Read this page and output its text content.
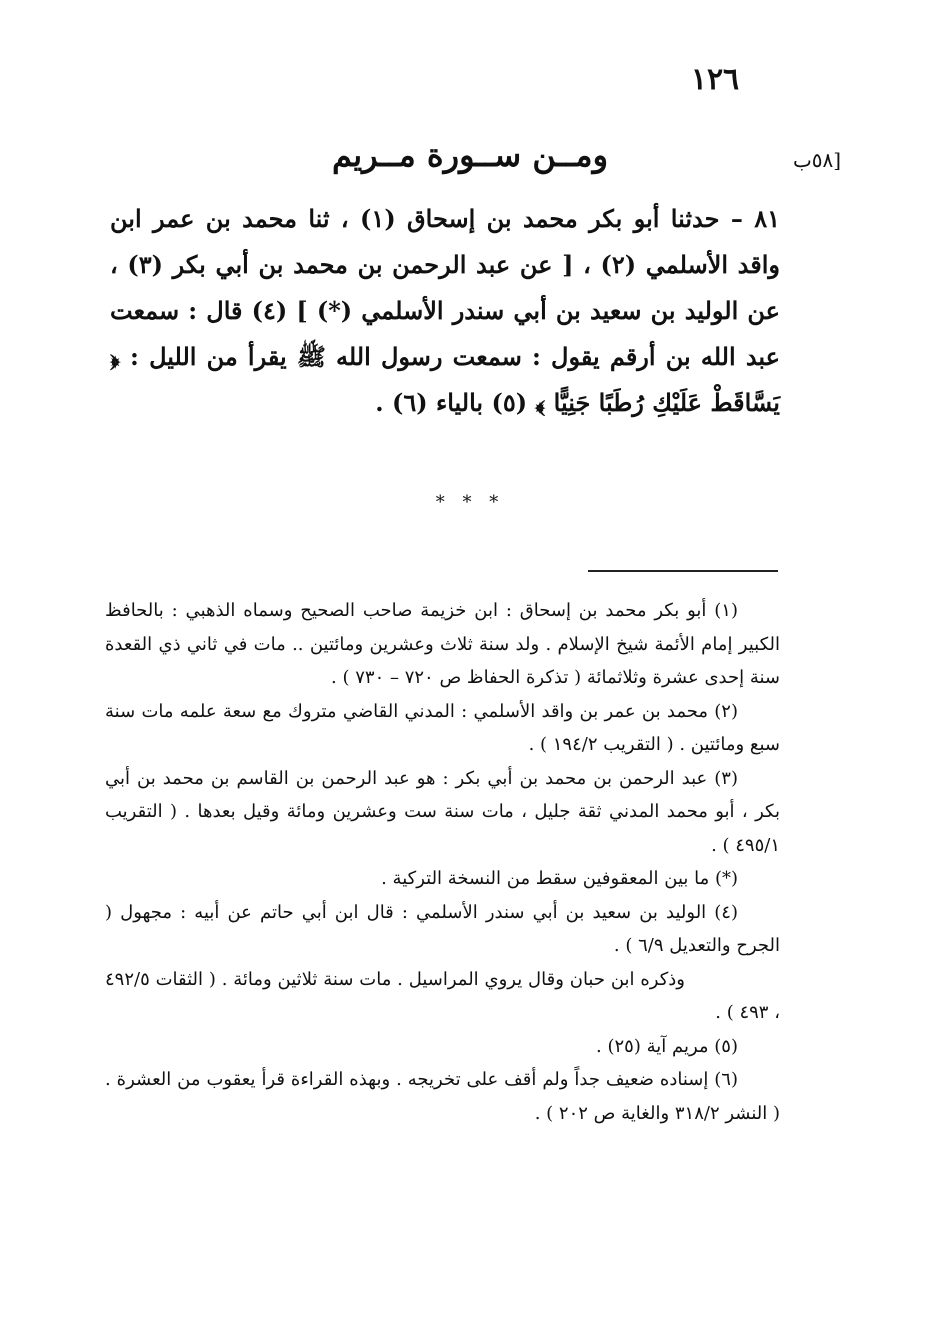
١٢٦
[٥٨ب
ومــن ســورة مــريم

٨١ – حدثنا أبو بكر محمد بن إسحاق (١) ، ثنا محمد بن عمر ابن واقد الأسلمي (٢) ، [ عن عبد الرحمن بن محمد بن أبي بكر (٣) ، عن الوليد بن سعيد بن أبي سندر الأسلمي (*) ] (٤) قال : سمعت عبد الله بن أرقم يقول : سمعت رسول الله ﷺ يقرأ من الليل : ﴿ يَسَّاقَطْ عَلَيْكِ رُطَبًا جَنِيًّا ﴾ (٥) بالياء (٦) .

* * *

(١) أبو بكر محمد بن إسحاق : ابن خزيمة صاحب الصحيح وسماه الذهبي : بالحافظ الكبير إمام الأئمة شيخ الإسلام . ولد سنة ثلاث وعشرين ومائتين .. مات في ثاني ذي القعدة سنة إحدى عشرة وثلاثمائة ( تذكرة الحفاظ ص ٧٢٠ – ٧٣٠ ) .

(٢) محمد بن عمر بن واقد الأسلمي : المدني القاضي متروك مع سعة علمه مات سنة سبع ومائتين . ( التقريب ١٩٤/٢ ) .

(٣) عبد الرحمن بن محمد بن أبي بكر : هو عبد الرحمن بن القاسم بن محمد بن أبي بكر ، أبو محمد المدني ثقة جليل ، مات سنة ست وعشرين ومائة وقيل بعدها . ( التقريب ٤٩٥/١ ) .

(*) ما بين المعقوفين سقط من النسخة التركية .

(٤) الوليد بن سعيد بن أبي سندر الأسلمي : قال ابن أبي حاتم عن أبيه : مجهول ( الجرح والتعديل ٦/٩ ) .

وذكره ابن حبان وقال يروي المراسيل . مات سنة ثلاثين ومائة . ( الثقات ٤٩٢/٥ ، ٤٩٣ ) .

(٥) مريم آية (٢٥) .

(٦) إسناده ضعيف جداً ولم أقف على تخريجه . وبهذه القراءة قرأ يعقوب من العشرة . ( النشر ٣١٨/٢ والغاية ص ٢٠٢ ) .
